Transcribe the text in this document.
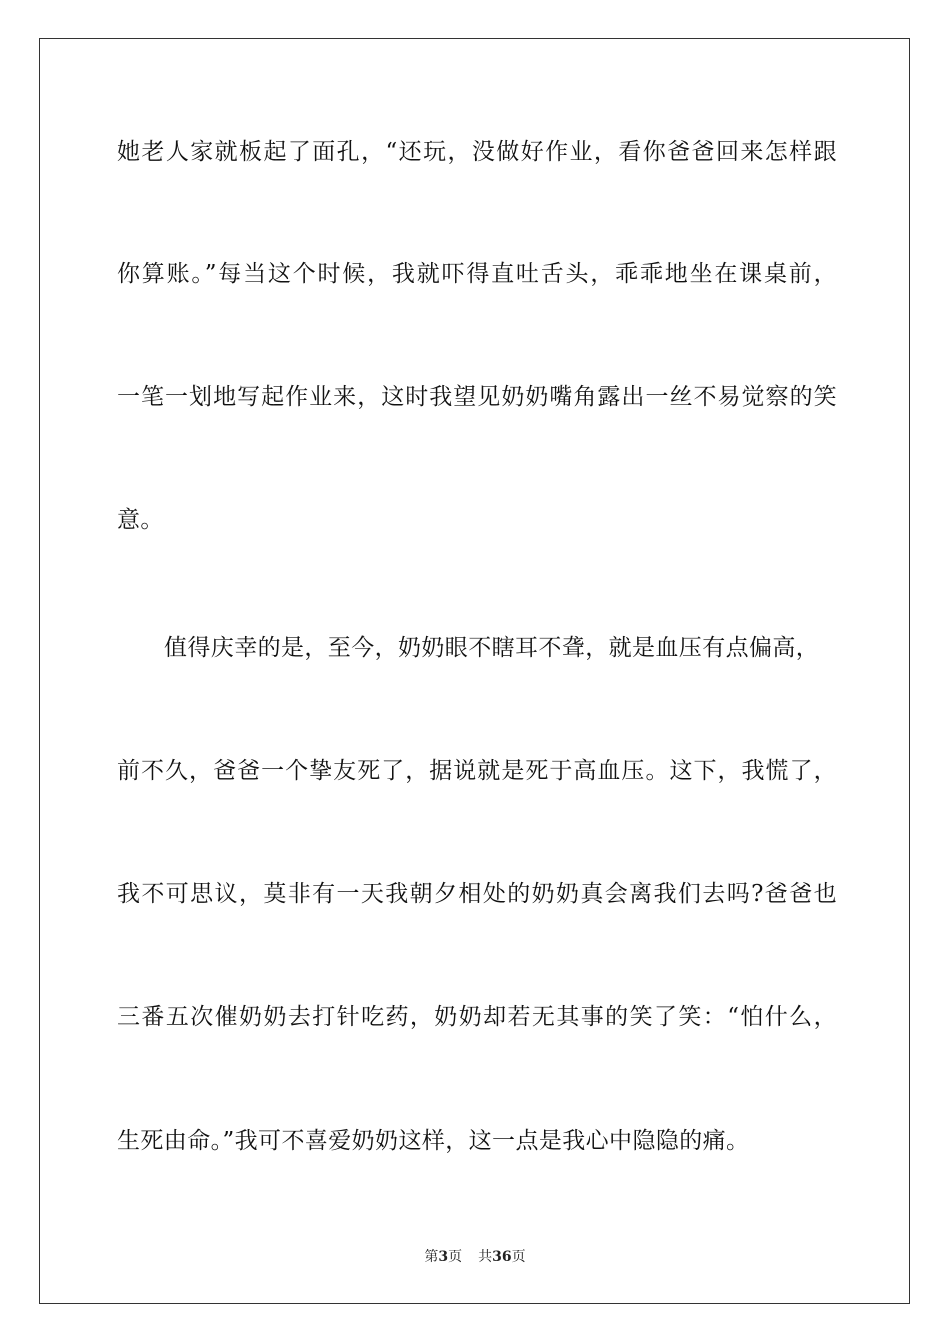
她老人家就板起了面孔，“还玩，没做好作业，看你爸爸回来怎样跟
你算账。”每当这个时候，我就吓得直吐舌头，乖乖地坐在课桌前，
一笔一划地写起作业来，这时我望见奶奶嘴角露出一丝不易觉察的笑
意。
值得庆幸的是，至今，奶奶眼不瞎耳不聋，就是血压有点偏高，
前不久，爸爸一个挚友死了，据说就是死于高血压。这下，我慌了，
我不可思议，莫非有一天我朝夕相处的奶奶真会离我们去吗?爸爸也
三番五次催奶奶去打针吃药，奶奶却若无其事的笑了笑：“怕什么，
生死由命。”我可不喜爱奶奶这样，这一点是我心中隐隐的痛。
第3页 共36页
